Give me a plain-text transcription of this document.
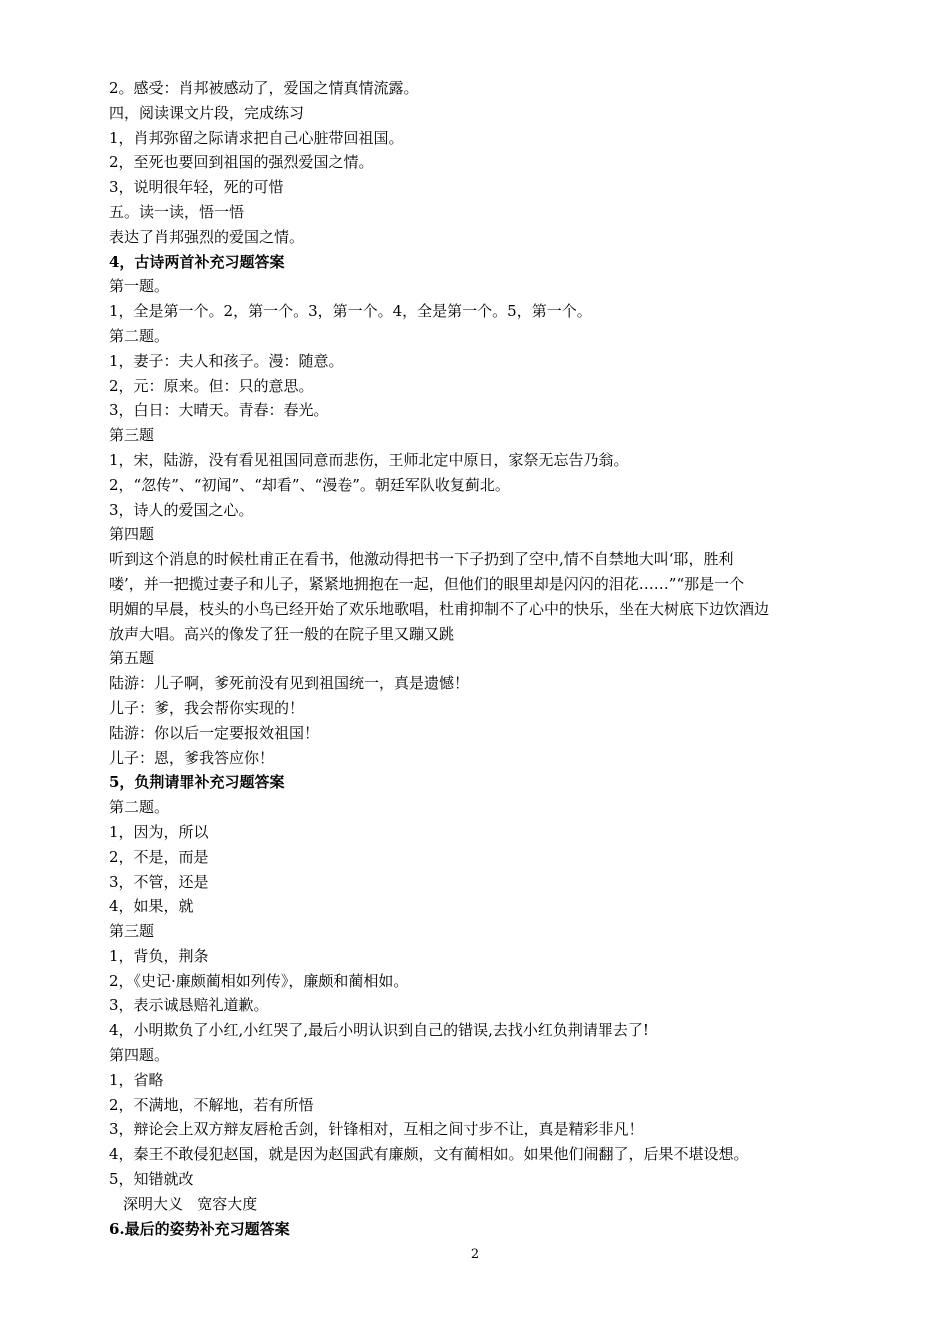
2。感受：肖邦被感动了，爱国之情真情流露。
四，阅读课文片段，完成练习
1，肖邦弥留之际请求把自己心脏带回祖国。
2，至死也要回到祖国的强烈爱国之情。
3，说明很年轻，死的可惜
五。读一读，悟一悟
表达了肖邦强烈的爱国之情。
4，古诗两首补充习题答案
第一题。
1，全是第一个。2，第一个。3，第一个。4，全是第一个。5，第一个。
第二题。
1，妻子：夫人和孩子。漫：随意。
2，元：原来。但：只的意思。
3，白日：大晴天。青春：春光。
第三题
1，宋，陆游，没有看见祖国同意而悲伤，王师北定中原日，家祭无忘告乃翁。
2，“忽传”、“初闻”、“却看”、“漫卷”。朝廷军队收复蓟北。
3，诗人的爱国之心。
第四题
听到这个消息的时候杜甫正在看书，他激动得把书一下子扔到了空中,情不自禁地大叫‘耶，胜利
喽’，并一把揽过妻子和儿子，紧紧地拥抱在一起，但他们的眼里却是闪闪的泪花……”“那是一个
明媚的早晨，枝头的小鸟已经开始了欢乐地歌唱，杜甫抑制不了心中的快乐，坐在大树底下边饮酒边
放声大唱。高兴的像发了狂一般的在院子里又蹦又跳
第五题
陆游：儿子啊，爹死前没有见到祖国统一，真是遗憾！
儿子：爹，我会帮你实现的！
陆游：你以后一定要报效祖国！
儿子：恩，爹我答应你！
5，负荆请罪补充习题答案
第二题。
1，因为，所以
2，不是，而是
3，不管，还是
4，如果，就
第三题
1，背负，荆条
2，《史记·廉颇蔺相如列传》，廉颇和蔺相如。
3，表示诚恳赔礼道歉。
4，小明欺负了小红,小红哭了,最后小明认识到自己的错误,去找小红负荆请罪去了!
第四题。
1，省略
2，不满地，不解地，若有所悟
3，辩论会上双方辩友唇枪舌剑，针锋相对，互相之间寸步不让，真是精彩非凡！
4，秦王不敢侵犯赵国，就是因为赵国武有廉颇，文有蔺相如。如果他们闹翻了，后果不堪设想。
5，知错就改
深明大义   宽容大度
6.最后的姿势补充习题答案
2
